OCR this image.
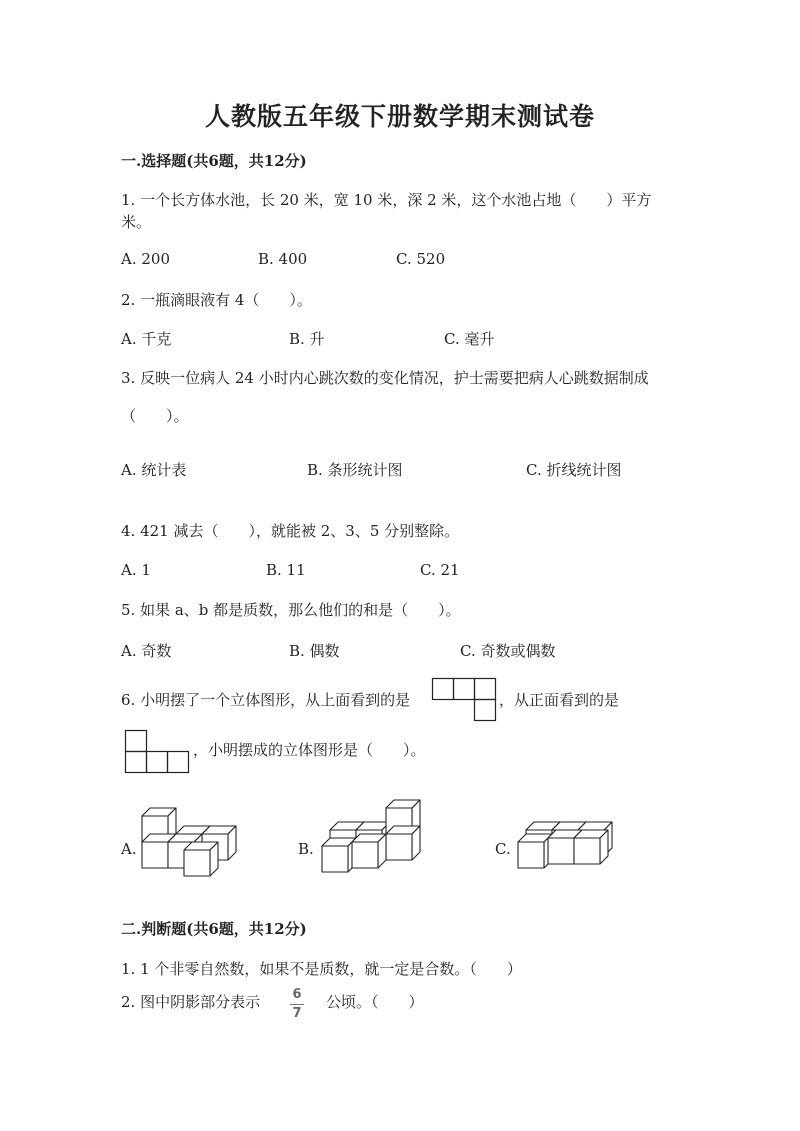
人教版五年级下册数学期末测试卷
一.选择题(共6题，共12分)
1. 一个长方体水池，长 20 米，宽 10 米，深 2 米，这个水池占地（　　）平方
米。
A. 200	B. 400	C. 520
2. 一瓶滴眼液有 4（　　）。
A. 千克	B. 升	C. 毫升
3. 反映一位病人 24 小时内心跳次数的变化情况，护士需要把病人心跳数据制成
（　　）。
A. 统计表	B. 条形统计图	C. 折线统计图
4. 421 减去（　　），就能被 2、3、5 分别整除。
A. 1	B. 11	C. 21
5. 如果 a、b 都是质数，那么他们的和是（　　）。
A. 奇数	B. 偶数	C. 奇数或偶数
6. 小明摆了一个立体图形，从上面看到的是	，从正面看到的是
，小明摆成的立体图形是（　　）。
A.	B.	C.
二.判断题(共6题，共12分)
1. 1 个非零自然数，如果不是质数，就一定是合数。（　　）
2. 图中阴影部分表示	6
7
公顷。（　　）
